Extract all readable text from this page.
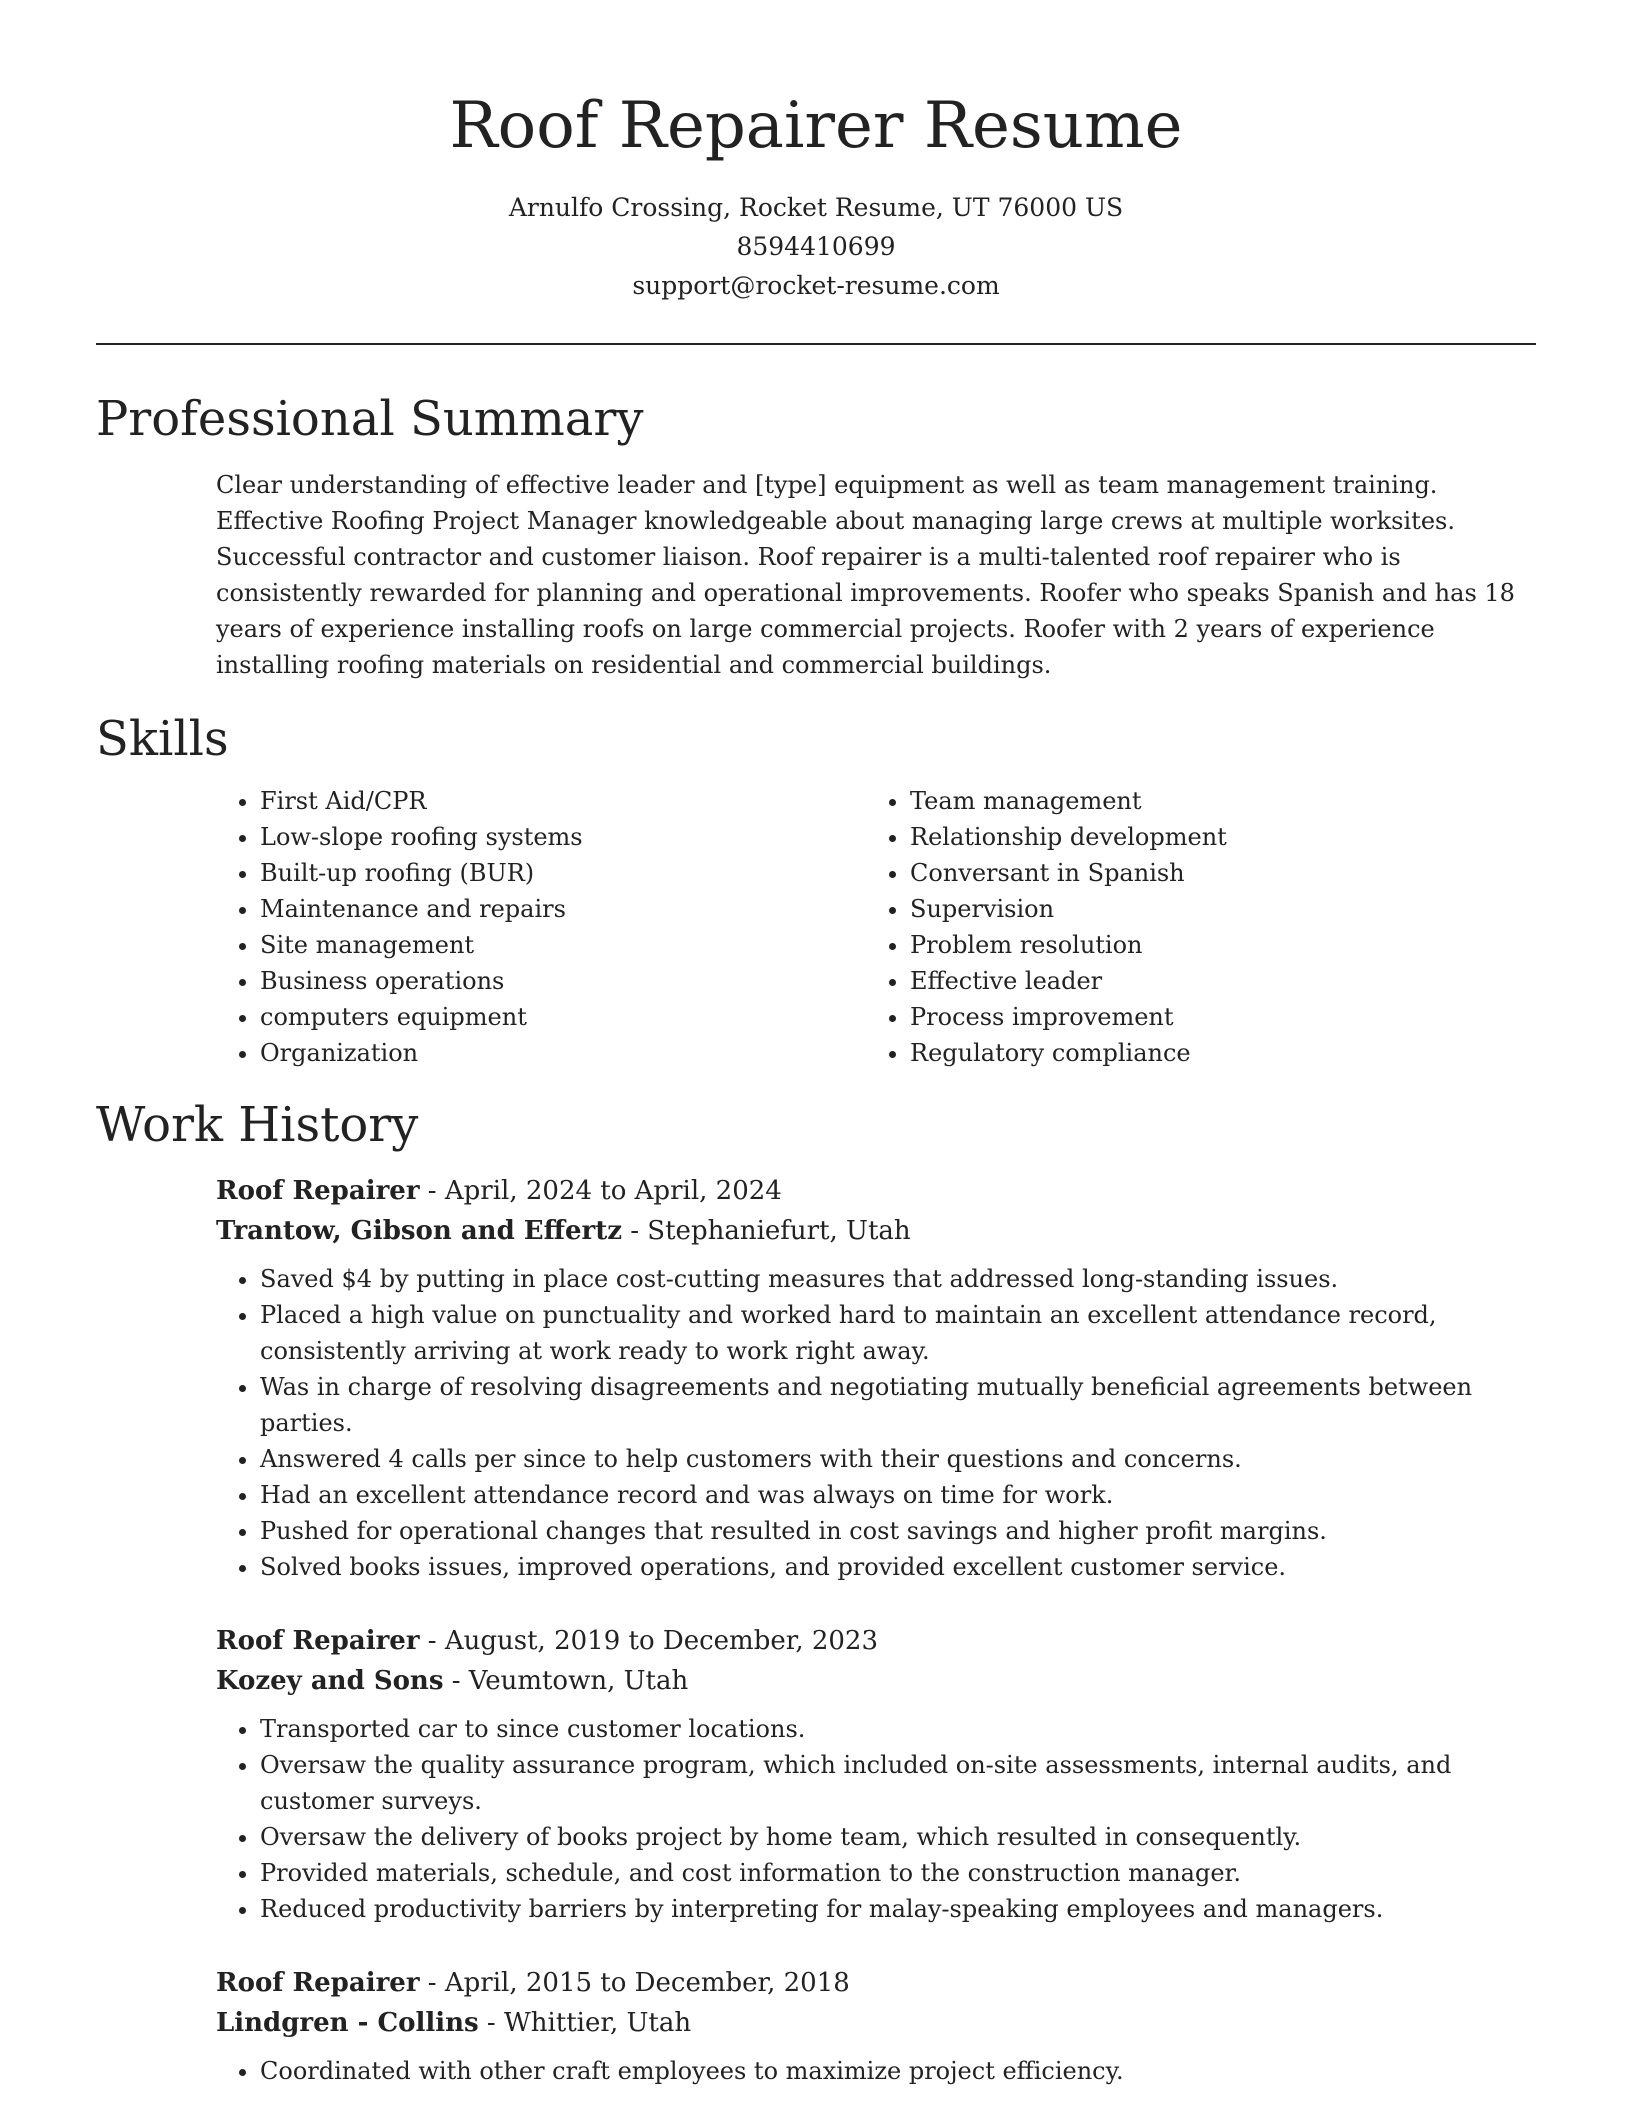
Roof Repairer Resume
Arnulfo Crossing, Rocket Resume, UT 76000 US
8594410699
support@rocket-resume.com
Professional Summary
Clear understanding of effective leader and [type] equipment as well as team management training. Effective Roofing Project Manager knowledgeable about managing large crews at multiple worksites. Successful contractor and customer liaison. Roof repairer is a multi-talented roof repairer who is consistently rewarded for planning and operational improvements. Roofer who speaks Spanish and has 18 years of experience installing roofs on large commercial projects. Roofer with 2 years of experience installing roofing materials on residential and commercial buildings.
Skills
• First Aid/CPR
• Low-slope roofing systems
• Built-up roofing (BUR)
• Maintenance and repairs
• Site management
• Business operations
• computers equipment
• Organization
• Team management
• Relationship development
• Conversant in Spanish
• Supervision
• Problem resolution
• Effective leader
• Process improvement
• Regulatory compliance
Work History
Roof Repairer - April, 2024 to April, 2024
Trantow, Gibson and Effertz - Stephaniefurt, Utah
• Saved $4 by putting in place cost-cutting measures that addressed long-standing issues.
• Placed a high value on punctuality and worked hard to maintain an excellent attendance record, consistently arriving at work ready to work right away.
• Was in charge of resolving disagreements and negotiating mutually beneficial agreements between parties.
• Answered 4 calls per since to help customers with their questions and concerns.
• Had an excellent attendance record and was always on time for work.
• Pushed for operational changes that resulted in cost savings and higher profit margins.
• Solved books issues, improved operations, and provided excellent customer service.
Roof Repairer - August, 2019 to December, 2023
Kozey and Sons - Veumtown, Utah
• Transported car to since customer locations.
• Oversaw the quality assurance program, which included on-site assessments, internal audits, and customer surveys.
• Oversaw the delivery of books project by home team, which resulted in consequently.
• Provided materials, schedule, and cost information to the construction manager.
• Reduced productivity barriers by interpreting for malay-speaking employees and managers.
Roof Repairer - April, 2015 to December, 2018
Lindgren - Collins - Whittier, Utah
• Coordinated with other craft employees to maximize project efficiency.
